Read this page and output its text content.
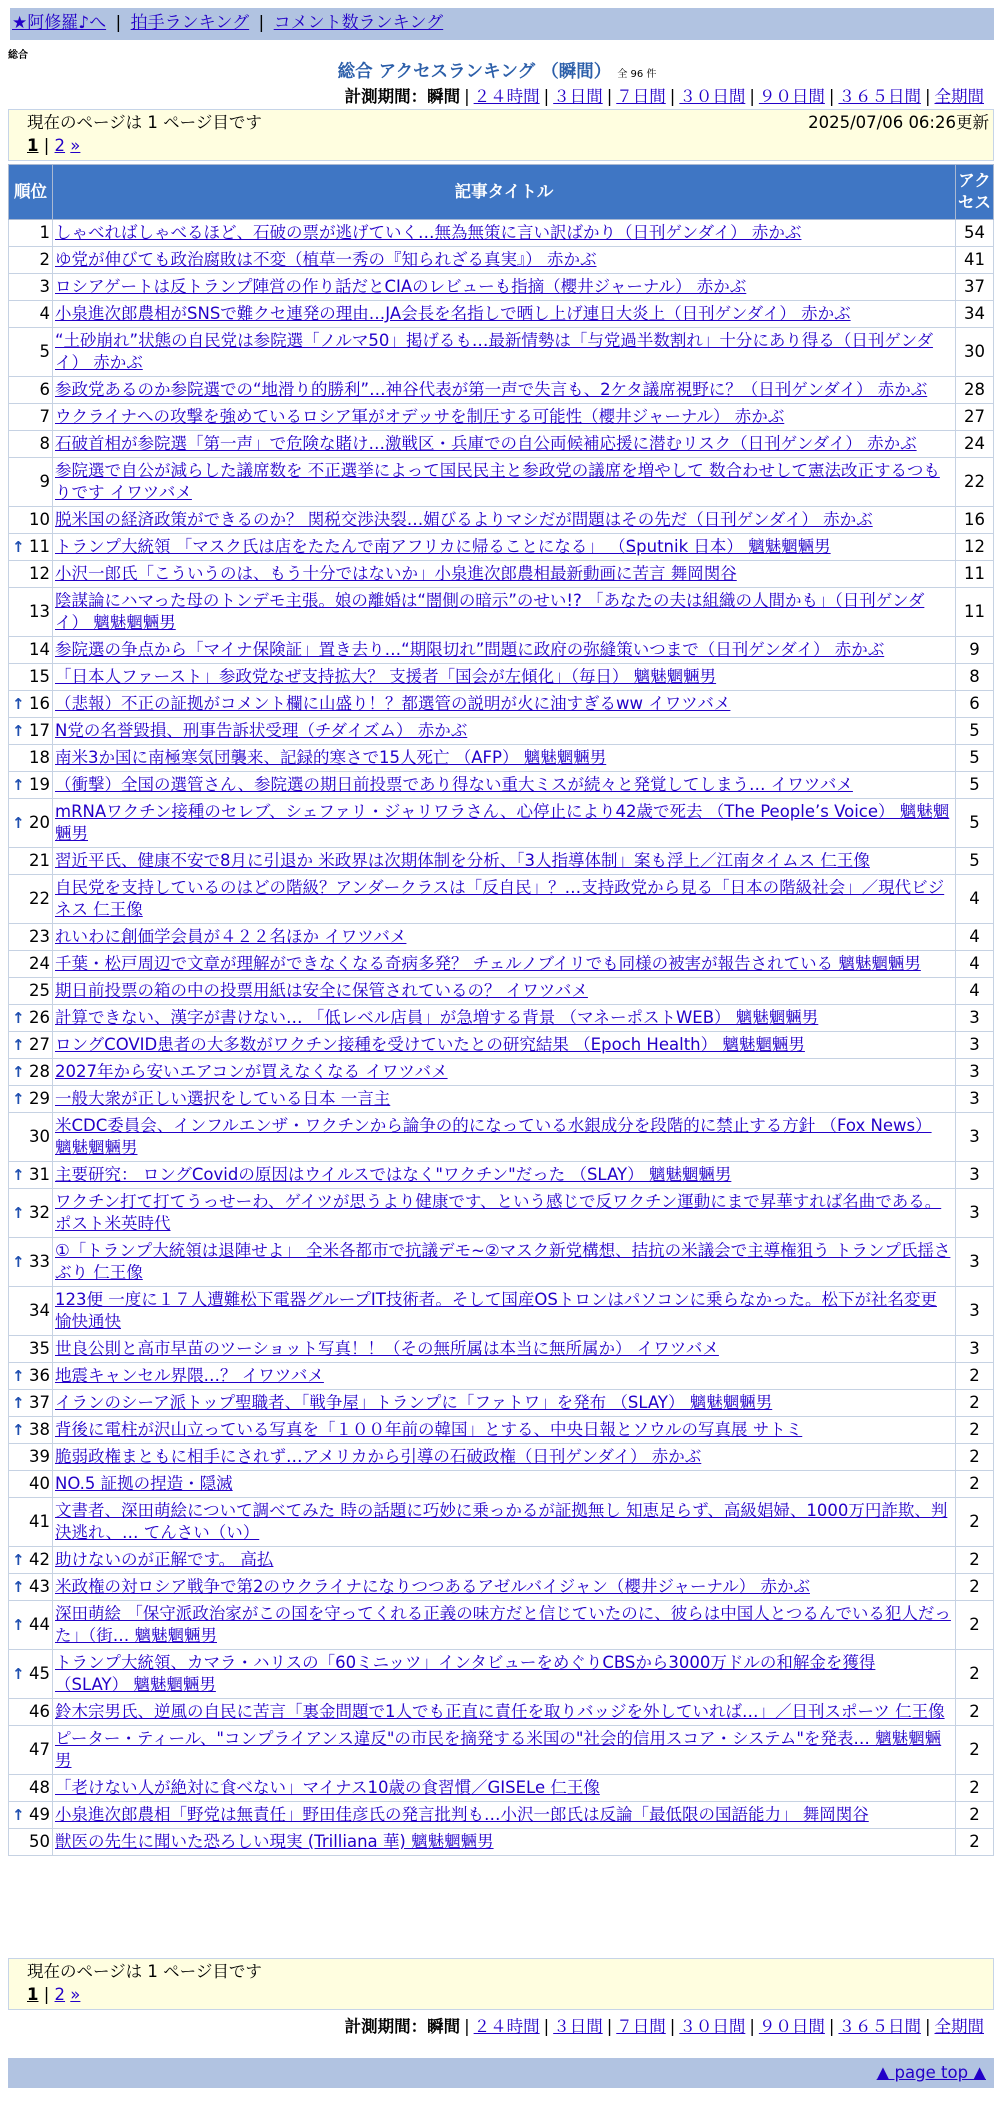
★阿修羅♪へ | 拍手ランキング | コメント数ランキング
総合
総合 アクセスランキング （瞬間） 全 96 件
計測期間：瞬間 | ２４時間 | ３日間 | ７日間 | ３０日間 | ９０日間 | ３６５日間 | 全期間
現在のページは 1 ページ目です	2025/07/06 06:26更新
1 | 2 »
順位	記事タイトル	アクセス
1	しゃべればしゃべるほど、石破の票が逃げていく…無為無策に言い訳ばかり（日刊ゲンダイ） 赤かぶ	54
2	ゆ党が伸びても政治腐敗は不変（植草一秀の『知られざる真実』） 赤かぶ	41
3	ロシアゲートは反トランプ陣営の作り話だとCIAのレビューも指摘（櫻井ジャーナル） 赤かぶ	37
4	小泉進次郎農相がSNSで難クセ連発の理由…JA会長を名指しで晒し上げ連日大炎上（日刊ゲンダイ） 赤かぶ	34
5	“土砂崩れ”状態の自民党は参院選「ノルマ50」掲げるも…最新情勢は「与党過半数割れ」十分にあり得る（日刊ゲンダイ） 赤かぶ	30
6	参政党あるのか参院選での“地滑り的勝利”…神谷代表が第一声で失言も、2ケタ議席視野に？（日刊ゲンダイ） 赤かぶ	28
7	ウクライナへの攻撃を強めているロシア軍がオデッサを制圧する可能性（櫻井ジャーナル） 赤かぶ	27
8	石破首相が参院選「第一声」で危険な賭け…激戦区・兵庫での自公両候補応援に潜むリスク（日刊ゲンダイ） 赤かぶ	24
9	参院選で自公が減らした議席数を 不正選挙によって国民民主と参政党の議席を増やして 数合わせして憲法改正するつもりです イワツバメ	22
10	脱米国の経済政策ができるのか？ 関税交渉決裂…媚びるよりマシだが問題はその先だ（日刊ゲンダイ） 赤かぶ	16

↑ 11	トランプ大統領 「マスク氏は店をたたんで南アフリカに帰ることになる」 （Sputnik 日本） 魑魅魍魎男	12
12	小沢一郎氏「こういうのは、もう十分ではないか」小泉進次郎農相最新動画に苦言 舞岡関谷	11
13	陰謀論にハマった母のトンデモ主張。娘の離婚は“闇側の暗示”のせい!? 「あなたの夫は組織の人間かも」（日刊ゲンダイ） 魑魅魍魎男	11
14	参院選の争点から「マイナ保険証」置き去り…“期限切れ”問題に政府の弥縫策いつまで（日刊ゲンダイ） 赤かぶ	9
15	「日本人ファースト」参政党なぜ支持拡大？ 支援者「国会が左傾化」（毎日） 魑魅魍魎男	8

↑ 16	（悲報）不正の証拠がコメント欄に山盛り！？都選管の説明が火に油すぎるww イワツバメ	6

↑ 17	N党の名誉毀損、刑事告訴状受理（チダイズム） 赤かぶ	5
18	南米3か国に南極寒気団襲来、記録的寒さで15人死亡 （AFP） 魑魅魍魎男	5

↑ 19	（衝撃）全国の選管さん、参院選の期日前投票であり得ない重大ミスが続々と発覚してしまう… イワツバメ	5

↑ 20	mRNAワクチン接種のセレブ、シェファリ・ジャリワラさん、心停止により42歳で死去 （The People’s Voice） 魑魅魍魎男	5
21	習近平氏、健康不安で8月に引退か 米政界は次期体制を分析、「3人指導体制」案も浮上／江南タイムス 仁王像	5
22	自民党を支持しているのはどの階級？アンダークラスは「反自民」？…支持政党から見る「日本の階級社会」／現代ビジネス 仁王像	4
23	れいわに創価学会員が４２２名ほか イワツバメ	4
24	千葉・松戸周辺で文章が理解ができなくなる奇病多発？ チェルノブイリでも同様の被害が報告されている 魑魅魍魎男	4
25	期日前投票の箱の中の投票用紙は安全に保管されているの？ イワツバメ	4

↑ 26	計算できない、漢字が書けない… 「低レベル店員」が急増する背景 （マネーポストWEB） 魑魅魍魎男	3

↑ 27	ロングCOVID患者の大多数がワクチン接種を受けていたとの研究結果 （Epoch Health） 魑魅魍魎男	3

↑ 28	2027年から安いエアコンが買えなくなる イワツバメ	3

↑ 29	一般大衆が正しい選択をしている日本 一言主	3
30	米CDC委員会、インフルエンザ・ワクチンから論争の的になっている水銀成分を段階的に禁止する方針 （Fox News） 魑魅魍魎男	3

↑ 31	主要研究： ロングCovidの原因はウイルスではなく"ワクチン"だった （SLAY） 魑魅魍魎男	3

↑ 32	ワクチン打て打てうっせーわ、ゲイツが思うより健康です、という感じで反ワクチン運動にまで昇華すれば名曲である。 ポスト米英時代	3

↑ 33	①「トランプ大統領は退陣せよ」 全米各都市で抗議デモ~②マスク新党構想、拮抗の米議会で主導権狙う トランプ氏揺さぶり 仁王像	3
34	123便 一度に１７人遭難松下電器グループIT技術者。そして国産OSトロンはパソコンに乗らなかった。松下が社名変更 愉快通快	3
35	世良公則と高市早苗のツーショット写真！！（その無所属は本当に無所属か） イワツバメ	3

↑ 36	地震キャンセル界隈…？ イワツバメ	2

↑ 37	イランのシーア派トップ聖職者、「戦争屋」トランプに「ファトワ」を発布 （SLAY） 魑魅魍魎男	2

↑ 38	背後に電柱が沢山立っている写真を「１００年前の韓国」とする、中央日報とソウルの写真展 サトミ	2
39	脆弱政権まともに相手にされず…アメリカから引導の石破政権（日刊ゲンダイ） 赤かぶ	2
40	NO.5 証拠の捏造・隠滅	2
41	文書者、深田萌絵について調べてみた 時の話題に巧妙に乗っかるが証拠無し 知恵足らず、高級娼婦、1000万円詐欺、判決逃れ、… てんさい（い）	2

↑ 42	助けないのが正解です。 高払	2

↑ 43	米政権の対ロシア戦争で第2のウクライナになりつつあるアゼルバイジャン（櫻井ジャーナル） 赤かぶ	2

↑ 44	深田萌絵 「保守派政治家がこの国を守ってくれる正義の味方だと信じていたのに、彼らは中国人とつるんでいる犯人だった」（街… 魑魅魍魎男	2

↑ 45	トランプ大統領、カマラ・ハリスの「60ミニッツ」インタビューをめぐりCBSから3000万ドルの和解金を獲得 （SLAY） 魑魅魍魎男	2
46	鈴木宗男氏、逆風の自民に苦言「裏金問題で1人でも正直に責任を取りバッジを外していれば…」／日刊スポーツ 仁王像	2
47	ピーター・ティール、"コンプライアンス違反"の市民を摘発する米国の"社会的信用スコア・システム"を発表… 魑魅魍魎男	2
48	「老けない人が絶対に食べない」マイナス10歳の食習慣／GISELe 仁王像	2

↑ 49	小泉進次郎農相「野党は無責任」野田佳彦氏の発言批判も…小沢一郎氏は反論「最低限の国語能力」 舞岡関谷	2
50	獣医の先生に聞いた恐ろしい現実 (Trilliana 華) 魑魅魍魎男	2
現在のページは 1 ページ目です
1 | 2 »
計測期間：瞬間 | ２４時間 | ３日間 | ７日間 | ３０日間 | ９０日間 | ３６５日間 | 全期間
▲ page top ▲
